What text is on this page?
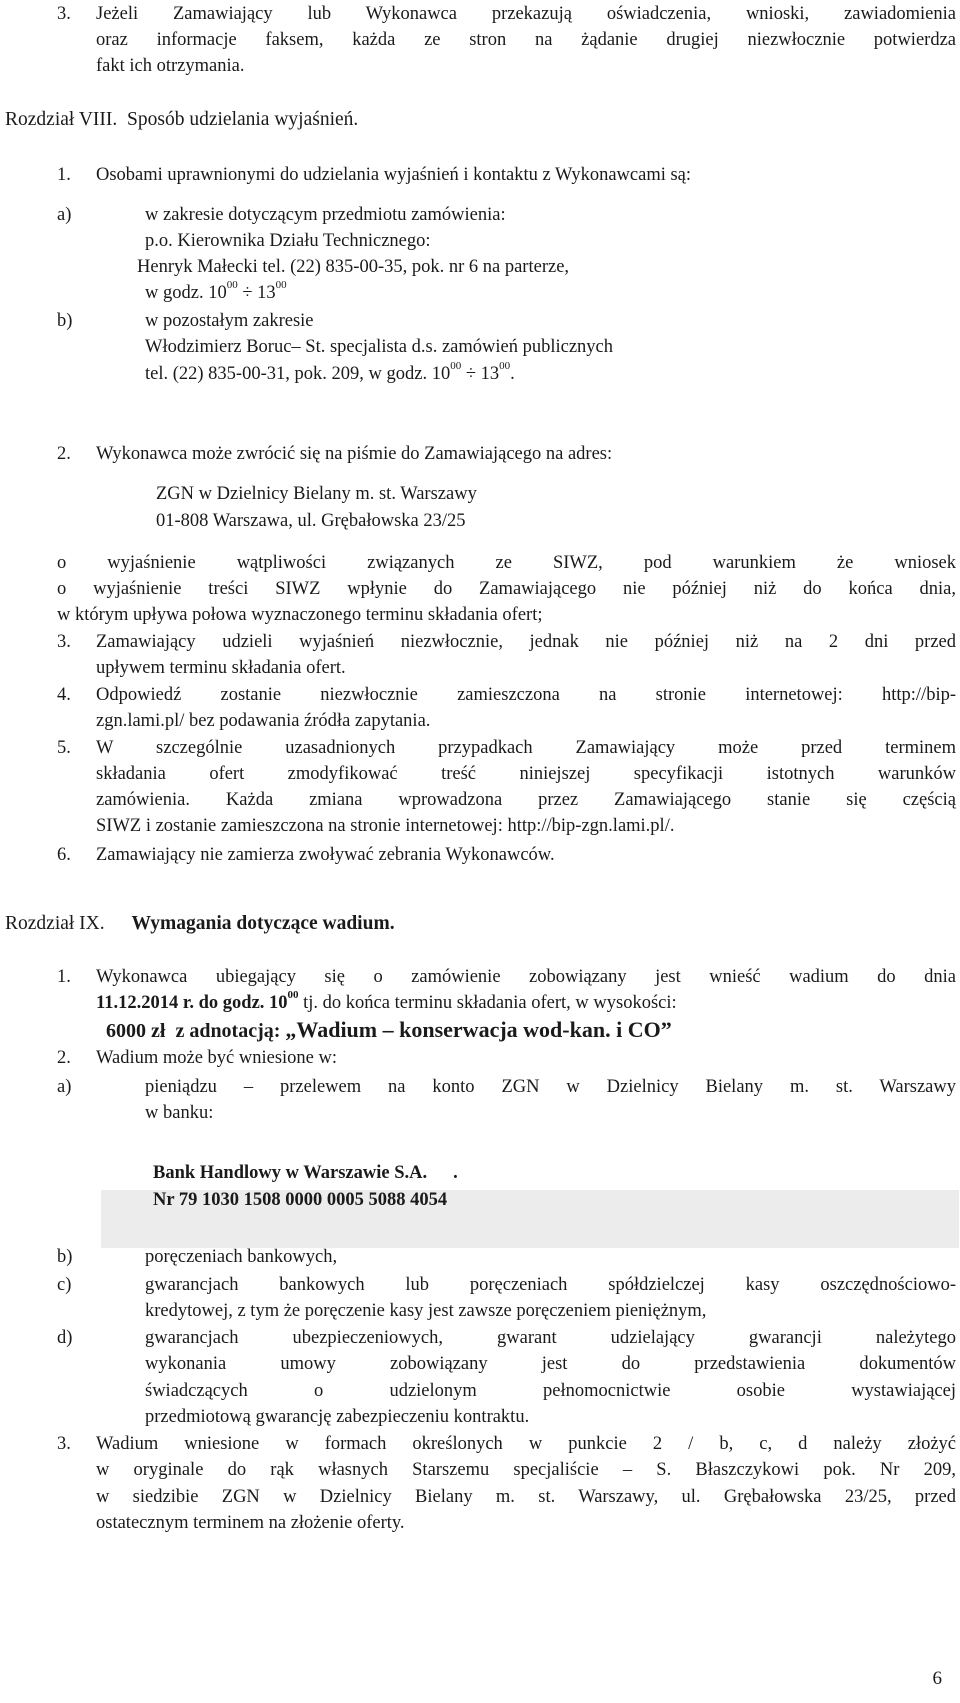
3. Jeżeli Zamawiający lub Wykonawca przekazują oświadczenia, wnioski, zawiadomienia
oraz informacje faksem, każda ze stron na żądanie drugiej niezwłocznie potwierdza
fakt ich otrzymania.
Rozdział VIII. Sposób udzielania wyjaśnień.
1. Osobami uprawnionymi do udzielania wyjaśnień i kontaktu z Wykonawcami są:
a)	w zakresie dotyczącym przedmiotu zamówienia:
p.o. Kierownika Działu Technicznego:
Henryk Małecki tel. (22) 835-00-35, pok. nr 6 na parterze,
w godz. $10^{00} \div 13^{00}$
b)	w pozostałym zakresie
Włodzimierz Boruc– St. specjalista d.s. zamówień publicznych
tel. (22) 835-00-31, pok. 209, w godz. $10^{00} \div 13^{00}$.
2. Wykonawca może zwrócić się na piśmie do Zamawiającego na adres:
ZGN w Dzielnicy Bielany m. st. Warszawy
01-808 Warszawa, ul. Grębałowska 23/25
o wyjaśnienie wątpliwości związanych ze SIWZ, pod warunkiem że wniosek
o wyjaśnienie treści SIWZ wpłynie do Zamawiającego nie później niż do końca dnia,
w którym upływa połowa wyznaczonego terminu składania ofert;
3. Zamawiający udzieli wyjaśnień niezwłocznie, jednak nie później niż na 2 dni przed
upływem terminu składania ofert.
4. Odpowiedź zostanie niezwłocznie zamieszczona na stronie internetowej: http://bip-
zgn.lami.pl/ bez podawania źródła zapytania.
5. W szczególnie uzasadnionych przypadkach Zamawiający może przed terminem
składania ofert zmodyfikować treść niniejszej specyfikacji istotnych warunków
zamówienia. Każda zmiana wprowadzona przez Zamawiającego stanie się częścią
SIWZ i zostanie zamieszczona na stronie internetowej: http://bip-zgn.lami.pl/.
6. Zamawiający nie zamierza zwoływać zebrania Wykonawców.
Rozdział IX. Wymagania dotyczące wadium.
1. Wykonawca ubiegający się o zamówienie zobowiązany jest wnieść wadium do dnia
11.12.2014 r. do godz. $10^{00}$ tj. do końca terminu składania ofert, w wysokości:
6000 zł z adnotacją: „Wadium – konserwacja wod-kan. i CO”
2. Wadium może być wniesione w:
a)	pieniądzu – przelewem na konto ZGN w Dzielnicy Bielany m. st. Warszawy
w banku:
Bank Handlowy w Warszawie S.A. .
Nr 79 1030 1508 0000 0005 5088 4054
b)	poręczeniach bankowych,
c)	gwarancjach bankowych lub poręczeniach spółdzielczej kasy oszczędnościowo-
kredytowej, z tym że poręczenie kasy jest zawsze poręczeniem pieniężnym,
d)	gwarancjach ubezpieczeniowych, gwarant udzielający gwarancji należytego
wykonania umowy zobowiązany jest do przedstawienia dokumentów
świadczących o udzielonym pełnomocnictwie osobie wystawiającej
przedmiotową gwarancję zabezpieczeniu kontraktu.
3. Wadium wniesione w formach określonych w punkcie 2 / b, c, d należy złożyć
w oryginale do rąk własnych Starszemu specjaliście – S. Błaszczykowi pok. Nr 209,
w siedzibie ZGN w Dzielnicy Bielany m. st. Warszawy, ul. Grębałowska 23/25, przed
ostatecznym terminem na złożenie oferty.
6
